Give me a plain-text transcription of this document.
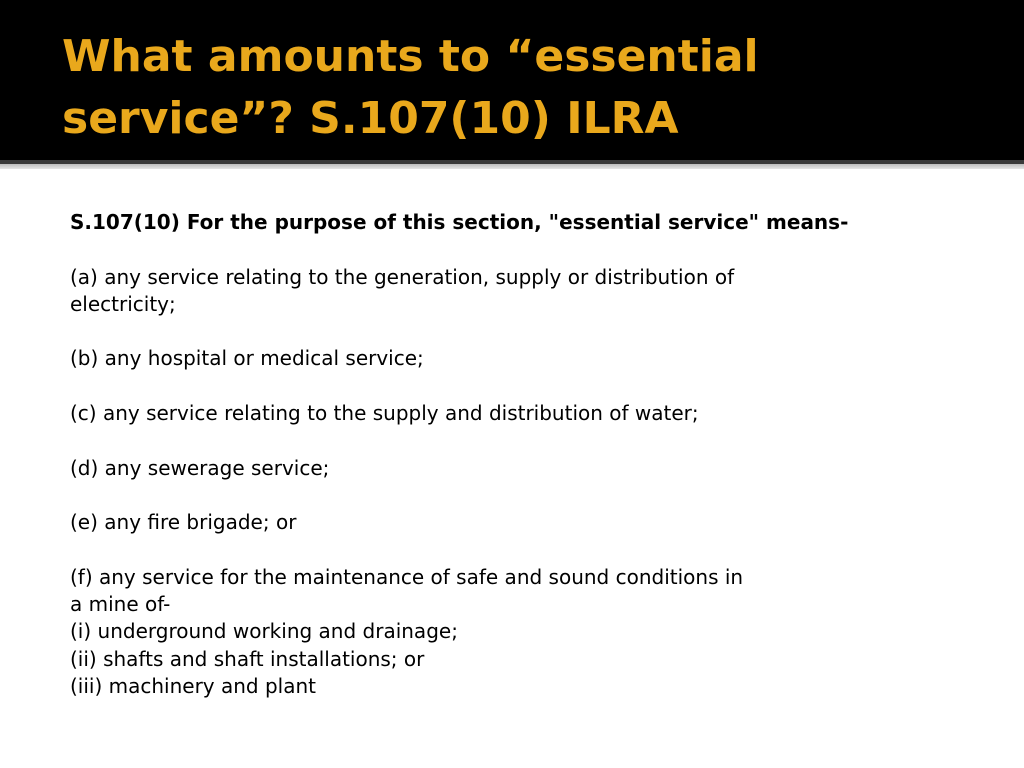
What amounts to “essential
service”? S.107(10) ILRA
S.107(10) For the purpose of this section, "essential service" means-
(a) any service relating to the generation, supply or distribution of
electricity;
(b) any hospital or medical service;
(c) any service relating to the supply and distribution of water;
(d) any sewerage service;
(e) any fire brigade; or
(f) any service for the maintenance of safe and sound conditions in
a mine of-
(i) underground working and drainage;
(ii) shafts and shaft installations; or
(iii) machinery and plant
